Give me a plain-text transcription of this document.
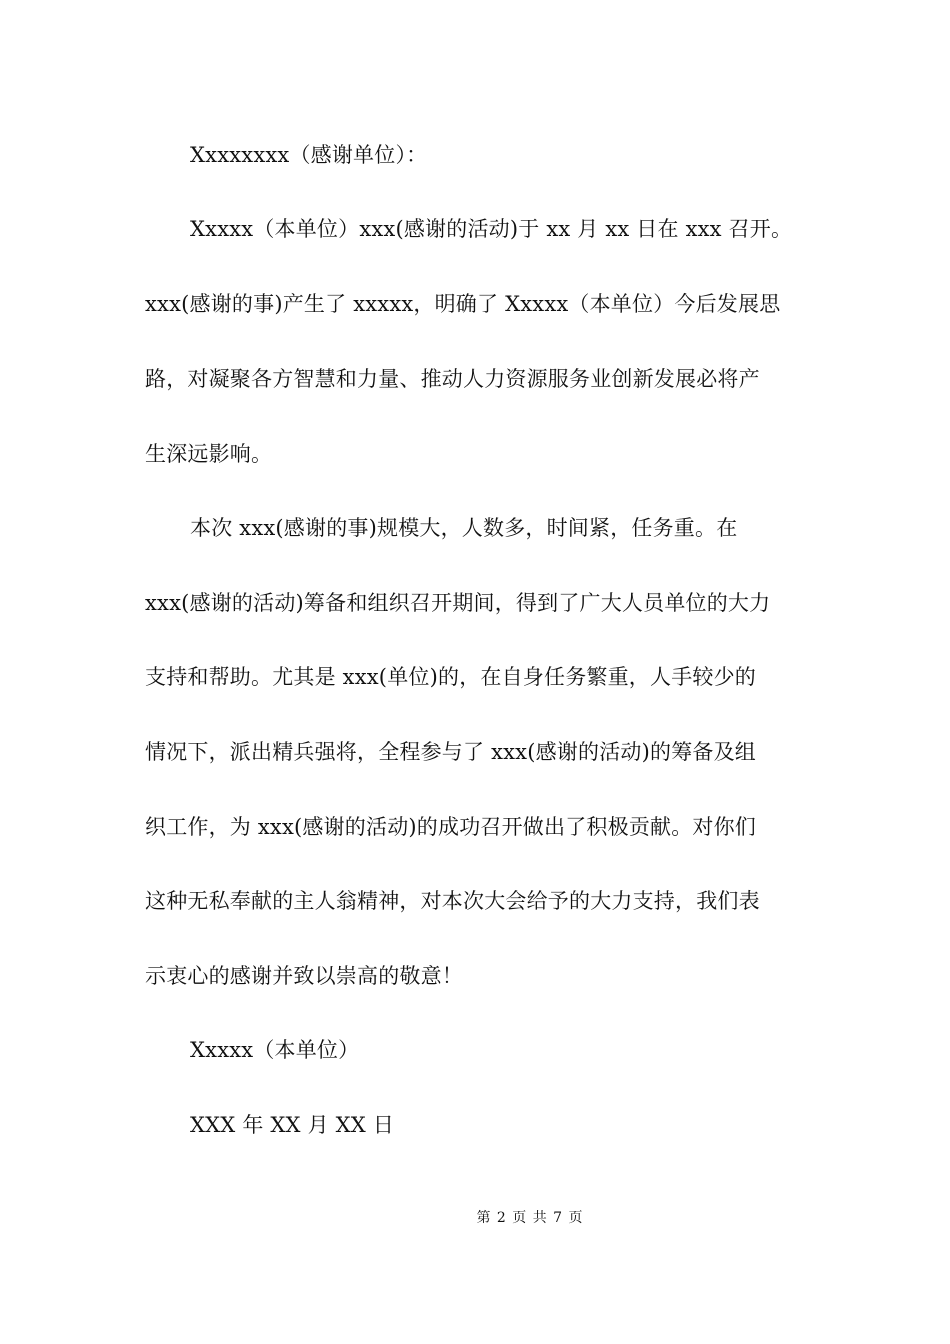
Xxxxxxxx（感谢单位）：
Xxxxx（本单位）xxx(感谢的活动)于 xx 月 xx 日在 xxx 召开。
xxx(感谢的事)产生了 xxxxx，明确了 Xxxxx（本单位）今后发展思
路，对凝聚各方智慧和力量、推动人力资源服务业创新发展必将产
生深远影响。
本次 xxx(感谢的事)规模大，人数多，时间紧，任务重。在
xxx(感谢的活动)筹备和组织召开期间，得到了广大人员单位的大力
支持和帮助。尤其是 xxx(单位)的，在自身任务繁重，人手较少的
情况下，派出精兵强将，全程参与了 xxx(感谢的活动)的筹备及组
织工作，为 xxx(感谢的活动)的成功召开做出了积极贡献。对你们
这种无私奉献的主人翁精神，对本次大会给予的大力支持，我们表
示衷心的感谢并致以崇高的敬意！
Xxxxx（本单位）
XXX 年 XX 月 XX 日
第 2 页 共 7 页
